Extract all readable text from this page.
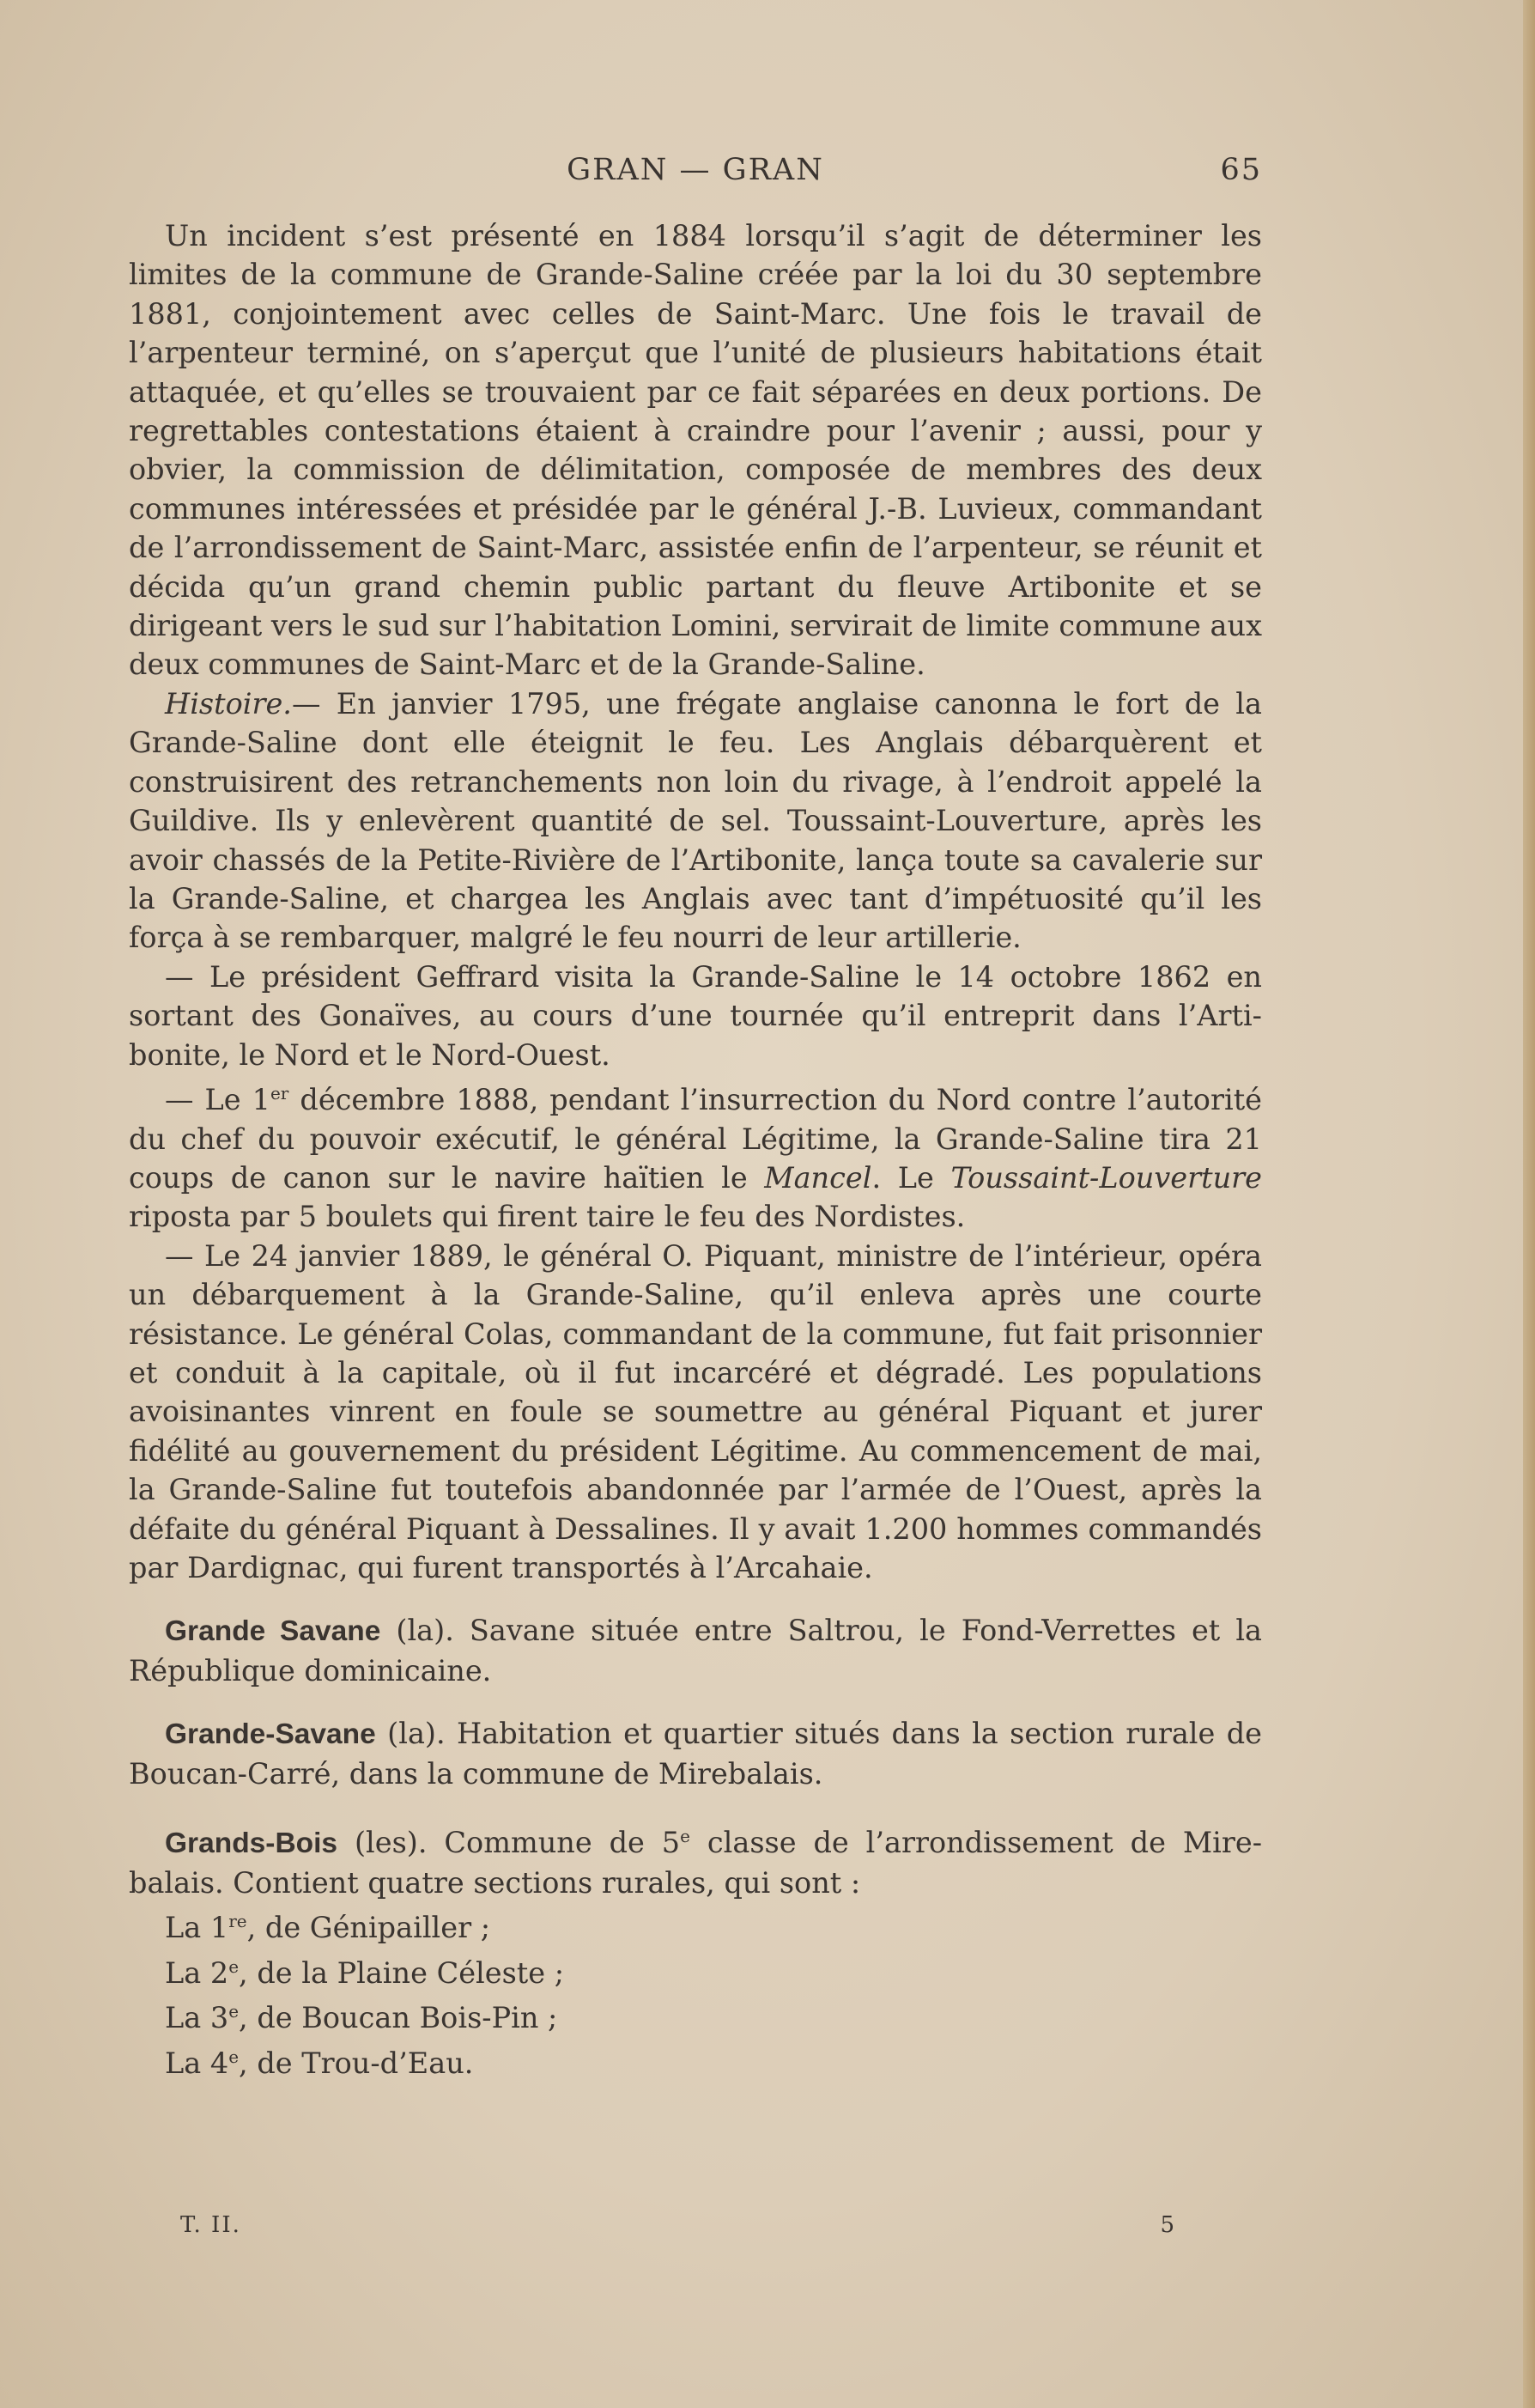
GRAN — GRAN	65

Un incident s’est présenté en 1884 lorsqu’il s’agit de déterminer les limites de la commune de Grande-Saline créée par la loi du 30 septembre 1881, conjointement avec celles de Saint-Marc. Une fois le travail de l’arpenteur terminé, on s’aperçut que l’unité de plusieurs habitations était attaquée, et qu’elles se trouvaient par ce fait séparées en deux portions. De regrettables contestations étaient à craindre pour l’avenir ; aussi, pour y obvier, la commission de délimitation, composée de membres des deux communes intéressées et présidée par le général J.-B. Luvieux, commandant de l’arrondissement de Saint-Marc, assistée enfin de l’arpenteur, se réunit et décida qu’un grand chemin public partant du fleuve Artibonite et se dirigeant vers le sud sur l’habitation Lomini, servirait de limite commune aux deux communes de Saint-Marc et de la Grande-Saline.

Histoire.— En janvier 1795, une frégate anglaise canonna le fort de la Grande-Saline dont elle éteignit le feu. Les Anglais débarquèrent et construisirent des retranchements non loin du rivage, à l’endroit appelé la Guildive. Ils y enlevèrent quantité de sel. Toussaint-Louverture, après les avoir chassés de la Petite-Rivière de l’Artibonite, lança toute sa cavalerie sur la Grande-Saline, et chargea les Anglais avec tant d’impétuosité qu’il les força à se rembarquer, malgré le feu nourri de leur artillerie.

— Le président Geffrard visita la Grande-Saline le 14 octobre 1862 en sortant des Gonaïves, au cours d’une tournée qu’il entreprit dans l’Artibonite, le Nord et le Nord-Ouest.

— Le 1er décembre 1888, pendant l’insurrection du Nord contre l’autorité du chef du pouvoir exécutif, le général Légitime, la Grande-Saline tira 21 coups de canon sur le navire haïtien le Mancel. Le Toussaint-Louverture riposta par 5 boulets qui firent taire le feu des Nordistes.

— Le 24 janvier 1889, le général O. Piquant, ministre de l’intérieur, opéra un débarquement à la Grande-Saline, qu’il enleva après une courte résistance. Le général Colas, commandant de la commune, fut fait prisonnier et conduit à la capitale, où il fut incarcéré et dégradé. Les populations avoisinantes vinrent en foule se soumettre au général Piquant et jurer fidélité au gouvernement du président Légitime. Au commencement de mai, la Grande-Saline fut toutefois abandonnée par l’armée de l’Ouest, après la défaite du général Piquant à Dessalines. Il y avait 1.200 hommes commandés par Dardignac, qui furent transportés à l’Arcahaie.

Grande Savane (la). Savane située entre Saltrou, le Fond-Verrettes et la République dominicaine.

Grande-Savane (la). Habitation et quartier situés dans la section rurale de Boucan-Carré, dans la commune de Mirebalais.

Grands-Bois (les). Commune de 5e classe de l’arrondissement de Mirebalais. Contient quatre sections rurales, qui sont :

La 1re, de Génipailler ;

La 2e, de la Plaine Céleste ;

La 3e, de Boucan Bois-Pin ;

La 4e, de Trou-d’Eau.

T. II.	5
